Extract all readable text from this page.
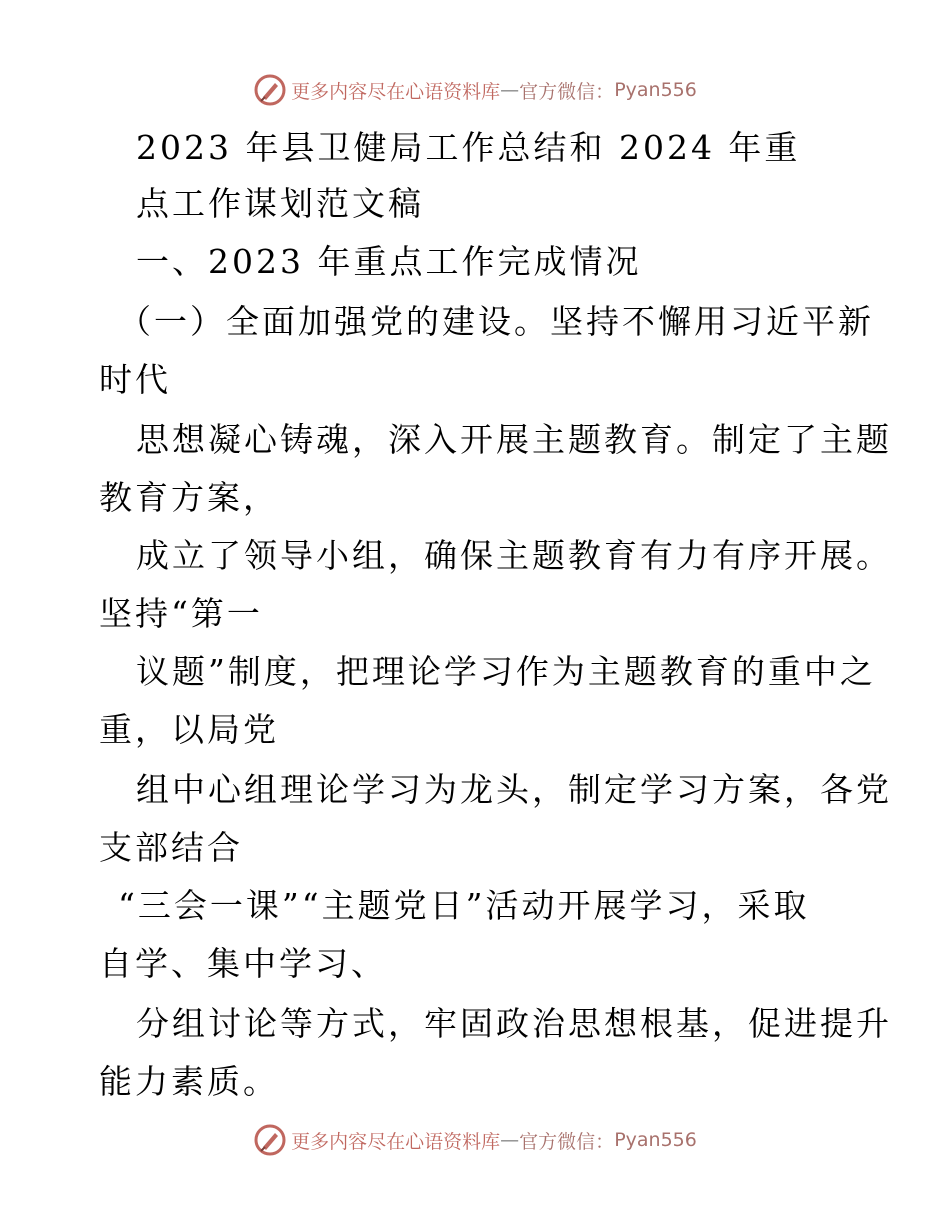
更多内容尽在心语资料库 — 官方微信： Pyan556
2023 年县卫健局工作总结和 2024 年重
点工作谋划范文稿
一、2023 年重点工作完成情况
（一）全面加强党的建设。坚持不懈用习近平新
时代
思想凝心铸魂，深入开展主题教育。制定了主题
教育方案，
成立了领导小组，确保主题教育有力有序开展。
坚持“第一
议题”制度，把理论学习作为主题教育的重中之
重，以局党
组中心组理论学习为龙头，制定学习方案，各党
支部结合
“三会一课”“主题党日”活动开展学习，采取
自学、集中学习、
分组讨论等方式，牢固政治思想根基，促进提升
能力素质。
更多内容尽在心语资料库 — 官方微信： Pyan556
